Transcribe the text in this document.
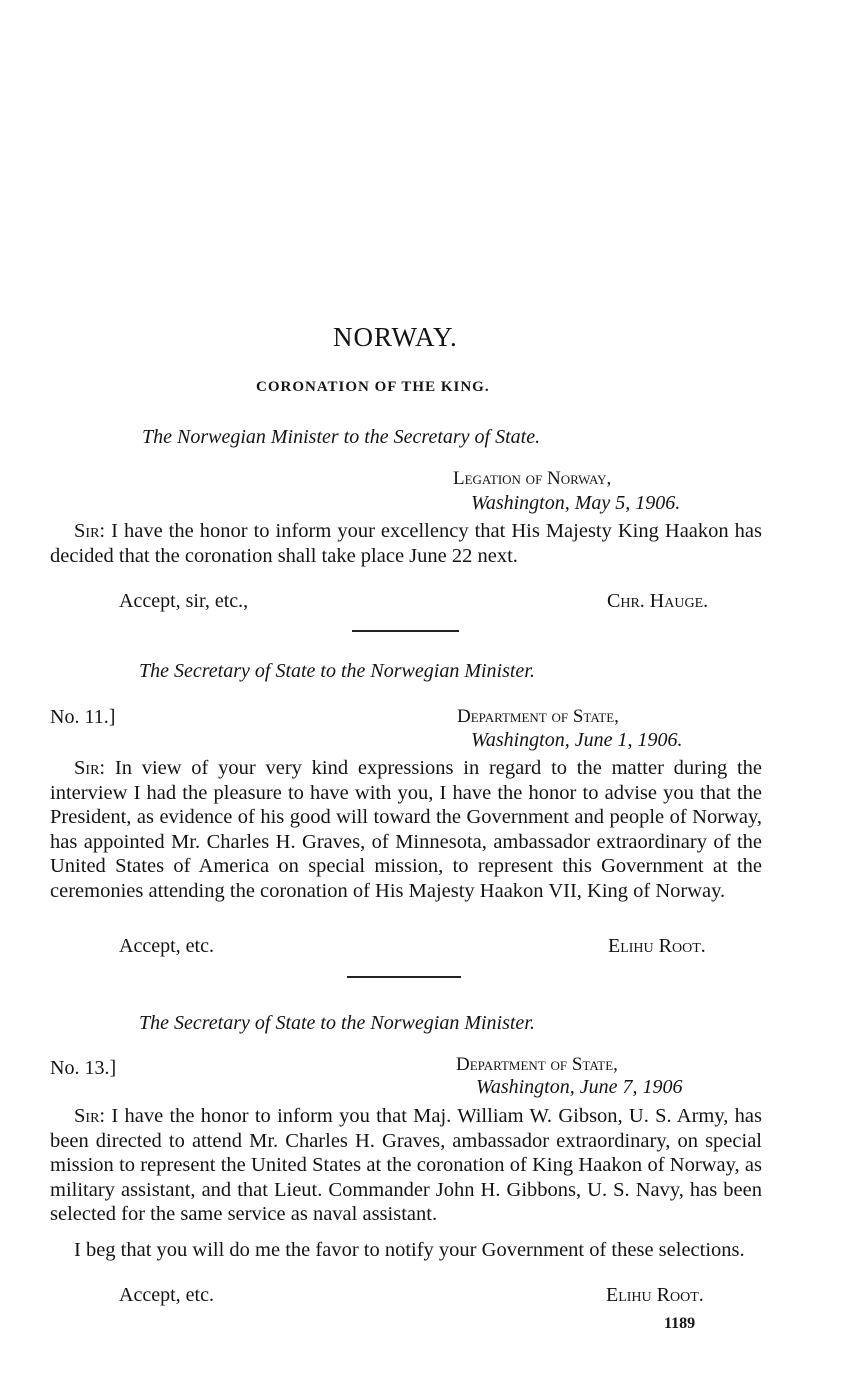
NORWAY.
CORONATION OF THE KING.
The Norwegian Minister to the Secretary of State.
Legation of Norway,
Washington, May 5, 1906.
Sir: I have the honor to inform your excellency that His Majesty King Haakon has decided that the coronation shall take place June 22 next.
Accept, sir, etc.,	Chr. Hauge.
The Secretary of State to the Norwegian Minister.
No. 11.]	Department of State,
Washington, June 1, 1906.
Sir: In view of your very kind expressions in regard to the matter during the interview I had the pleasure to have with you, I have the honor to advise you that the President, as evidence of his good will toward the Government and people of Norway, has appointed Mr. Charles H. Graves, of Minnesota, ambassador extraordinary of the United States of America on special mission, to represent this Government at the ceremonies attending the coronation of His Majesty Haakon VII, King of Norway.
Accept, etc.	Elihu Root.
The Secretary of State to the Norwegian Minister.
No. 13.]	Department of State,
Washington, June 7, 1906
Sir: I have the honor to inform you that Maj. William W. Gibson, U. S. Army, has been directed to attend Mr. Charles H. Graves, ambassador extraordinary, on special mission to represent the United States at the coronation of King Haakon of Norway, as military assistant, and that Lieut. Commander John H. Gibbons, U. S. Navy, has been selected for the same service as naval assistant.
I beg that you will do me the favor to notify your Government of these selections.
Accept, etc.	Elihu Root.
1189
